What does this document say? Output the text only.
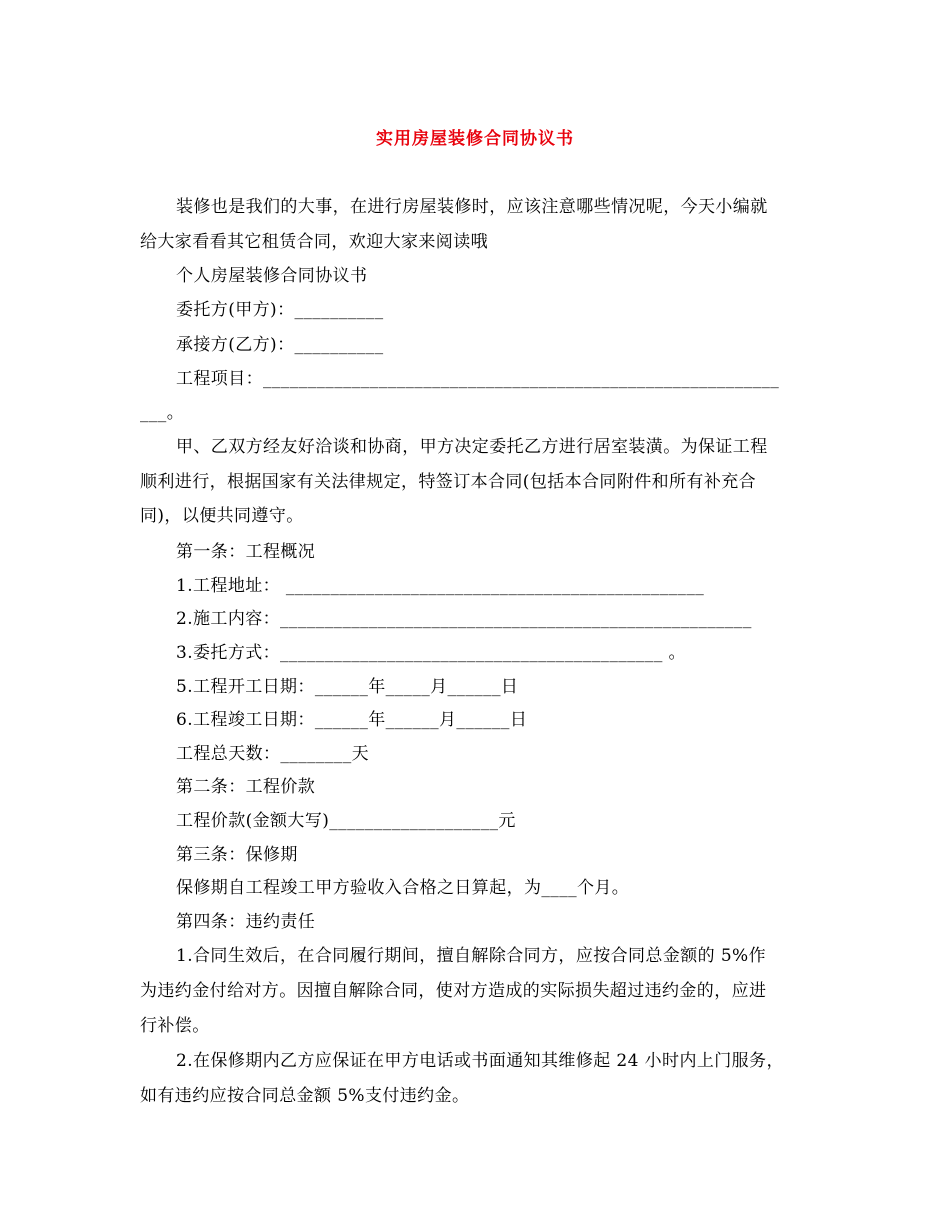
实用房屋装修合同协议书
装修也是我们的大事，在进行房屋装修时，应该注意哪些情况呢，今天小编就
给大家看看其它租赁合同，欢迎大家来阅读哦
个人房屋装修合同协议书
委托方(甲方)：__________
承接方(乙方)：__________
工程项目：__________________________________________________________
___。
甲、乙双方经友好洽谈和协商，甲方决定委托乙方进行居室装潢。为保证工程
顺利进行，根据国家有关法律规定，特签订本合同(包括本合同附件和所有补充合
同)，以便共同遵守。
第一条：工程概况
1.工程地址： _______________________________________________
2.施工内容：_____________________________________________________
3.委托方式：___________________________________________ 。
5.工程开工日期：______年_____月______日
6.工程竣工日期：______年______月______日
工程总天数：________天
第二条：工程价款
工程价款(金额大写)___________________元
第三条：保修期
保修期自工程竣工甲方验收入合格之日算起，为____个月。
第四条：违约责任
1.合同生效后，在合同履行期间，擅自解除合同方，应按合同总金额的 5%作
为违约金付给对方。因擅自解除合同，使对方造成的实际损失超过违约金的，应进
行补偿。
2.在保修期内乙方应保证在甲方电话或书面通知其维修起 24 小时内上门服务，
如有违约应按合同总金额 5%支付违约金。
